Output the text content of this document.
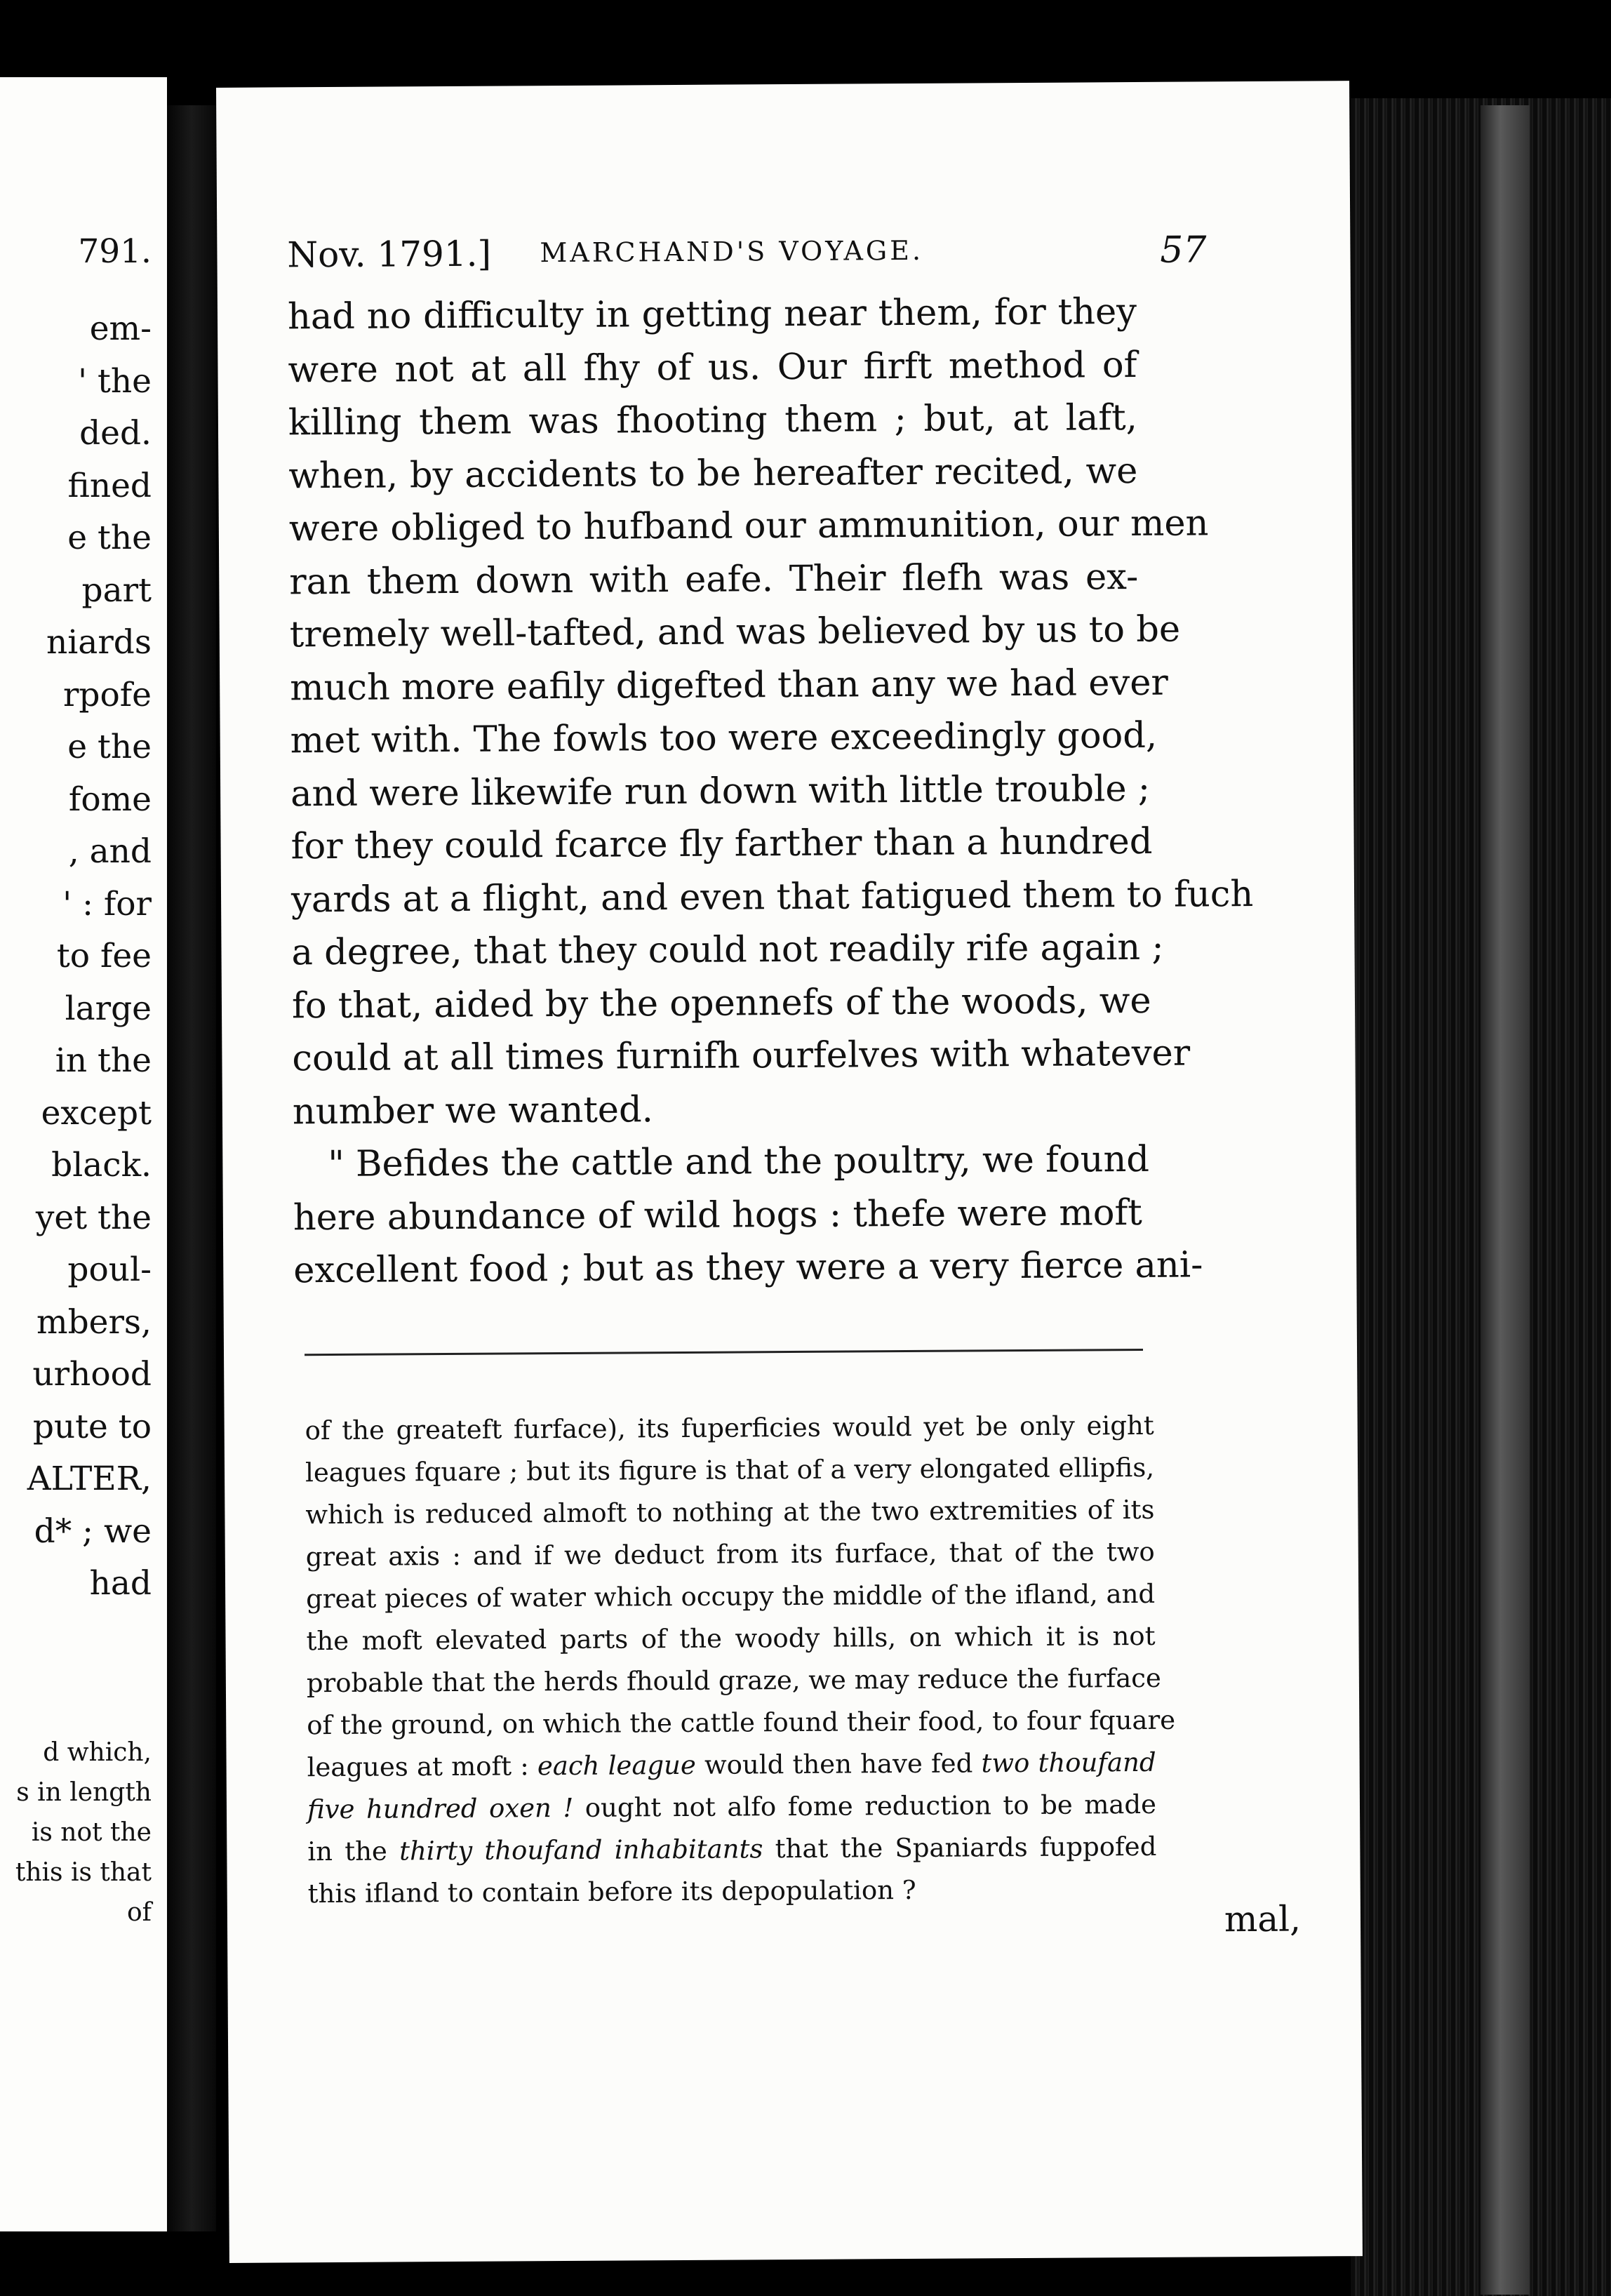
791.
em-
' the
ded.
fined
e the
part
niards
rpofe
e the
fome
, and
' : for
to fee
large
in the
except
black.
yet the
poul-
mbers,
urhood
pute to
ALTER,
d* ; we
had
d which,
s in length
is not the
this is that
of
Nov. 1791.] MARCHAND'S VOYAGE.	57
had no difficulty in getting near them, for they
were not at all fhy of us. Our firft method of
killing them was fhooting them ; but, at laft,
when, by accidents to be hereafter recited, we
were obliged to hufband our ammunition, our men
ran them down with eafe. Their flefh was ex-
tremely well-tafted, and was believed by us to be
much more eafily digefted than any we had ever
met with. The fowls too were exceedingly good,
and were likewife run down with little trouble ;
for they could fcarce fly farther than a hundred
yards at a flight, and even that fatigued them to fuch
a degree, that they could not readily rife again ;
fo that, aided by the opennefs of the woods, we
could at all times furnifh ourfelves with whatever
number we wanted.
" Befides the cattle and the poultry, we found
here abundance of wild hogs : thefe were moft
excellent food ; but as they were a very fierce ani-
of the greateft furface), its fuperficies would yet be only eight
leagues fquare ; but its figure is that of a very elongated ellipfis,
which is reduced almoft to nothing at the two extremities of its
great axis : and if we deduct from its furface, that of the two
great pieces of water which occupy the middle of the ifland, and
the moft elevated parts of the woody hills, on which it is not
probable that the herds fhould graze, we may reduce the furface
of the ground, on which the cattle found their food, to four fquare
leagues at moft : each league would then have fed two thoufand
five hundred oxen ! ought not alfo fome reduction to be made
in the thirty thoufand inhabitants that the Spaniards fuppofed
this ifland to contain before its depopulation ?
mal,
